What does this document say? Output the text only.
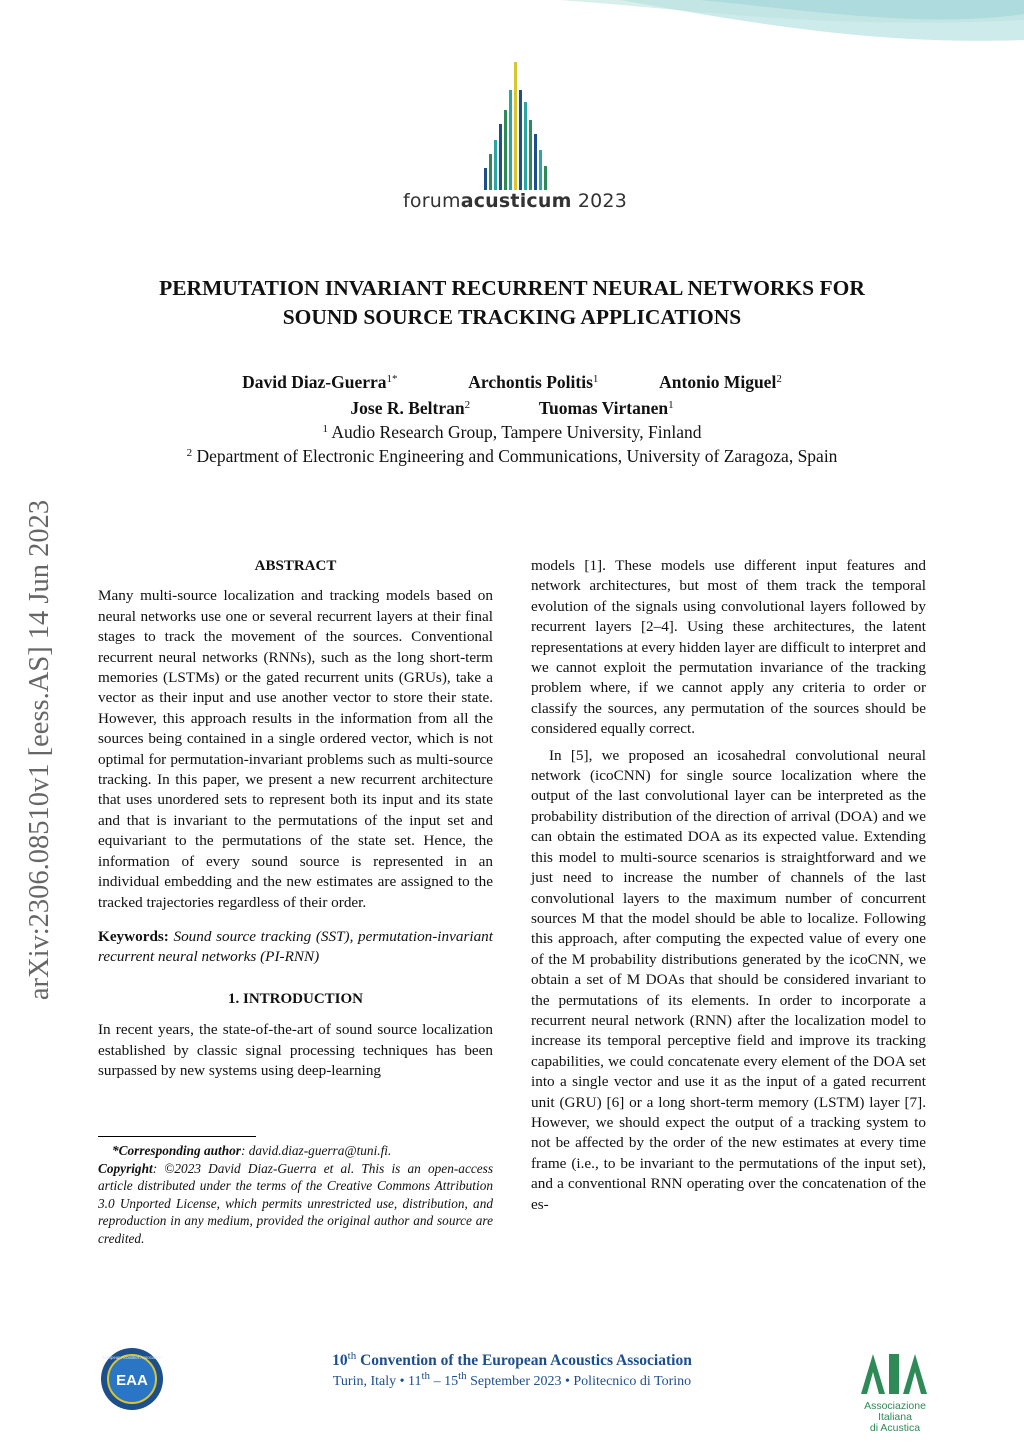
forumacusticum 2023
PERMUTATION INVARIANT RECURRENT NEURAL NETWORKS FOR
SOUND SOURCE TRACKING APPLICATIONS
David Diaz-Guerra$^{1*}$	Archontis Politis$^1$	Antonio Miguel$^2$
Jose R. Beltran$^2$	Tuomas Virtanen$^1$
$^1$ Audio Research Group, Tampere University, Finland
$^2$ Department of Electronic Engineering and Communications, University of Zaragoza, Spain
arXiv:2306.08510v1 [eess.AS] 14 Jun 2023	ABSTRACT

Many multi-source localization and tracking models based on neural networks use one or several recurrent layers at their final stages to track the movement of the sources. Conventional recurrent neural networks (RNNs), such as the long short-term memories (LSTMs) or the gated recurrent units (GRUs), take a vector as their input and use another vector to store their state. However, this approach results in the information from all the sources being contained in a single ordered vector, which is not optimal for permutation-invariant problems such as multi-source tracking. In this paper, we present a new recurrent architecture that uses unordered sets to represent both its input and its state and that is invariant to the permutations of the input set and equivariant to the permutations of the state set. Hence, the information of every sound source is represented in an individual embedding and the new estimates are assigned to the tracked trajectories regardless of their order.

Keywords: Sound source tracking (SST), permutation-invariant recurrent neural networks (PI-RNN)

1. INTRODUCTION

In recent years, the state-of-the-art of sound source localization established by classic signal processing techniques has been surpassed by new systems using deep-learning

*Corresponding author: david.diaz-guerra@tuni.fi.

Copyright: ©2023 David Diaz-Guerra et al. This is an open-access article distributed under the terms of the Creative Commons Attribution 3.0 Unported License, which permits unrestricted use, distribution, and reproduction in any medium, provided the original author and source are credited.

models [1]. These models use different input features and network architectures, but most of them track the temporal evolution of the signals using convolutional layers followed by recurrent layers [2–4]. Using these architectures, the latent representations at every hidden layer are difficult to interpret and we cannot exploit the permutation invariance of the tracking problem where, if we cannot apply any criteria to order or classify the sources, any permutation of the sources should be considered equally correct.

In [5], we proposed an icosahedral convolutional neural network (icoCNN) for single source localization where the output of the last convolutional layer can be interpreted as the probability distribution of the direction of arrival (DOA) and we can obtain the estimated DOA as its expected value. Extending this model to multi-source scenarios is straightforward and we just need to increase the number of channels of the last convolutional layers to the maximum number of concurrent sources M that the model should be able to localize. Following this approach, after computing the expected value of every one of the M probability distributions generated by the icoCNN, we obtain a set of M DOAs that should be considered invariant to the permutations of its elements. In order to incorporate a recurrent neural network (RNN) after the localization model to increase its temporal perceptive field and improve its tracking capabilities, we could concatenate every element of the DOA set into a single vector and use it as the input of a gated recurrent unit (GRU) [6] or a long short-term memory (LSTM) layer [7]. However, we should expect the output of a tracking system to not be affected by the order of the new estimates at every time frame (i.e., to be invariant to the permutations of the input set), and a conventional RNN operating over the concatenation of the es-

EAA
European Acoustics Association	10th Convention of the European Acoustics Association
Turin, Italy • 11th – 15th September 2023 • Politecnico di Torino
Associazione
Italiana
di Acustica
